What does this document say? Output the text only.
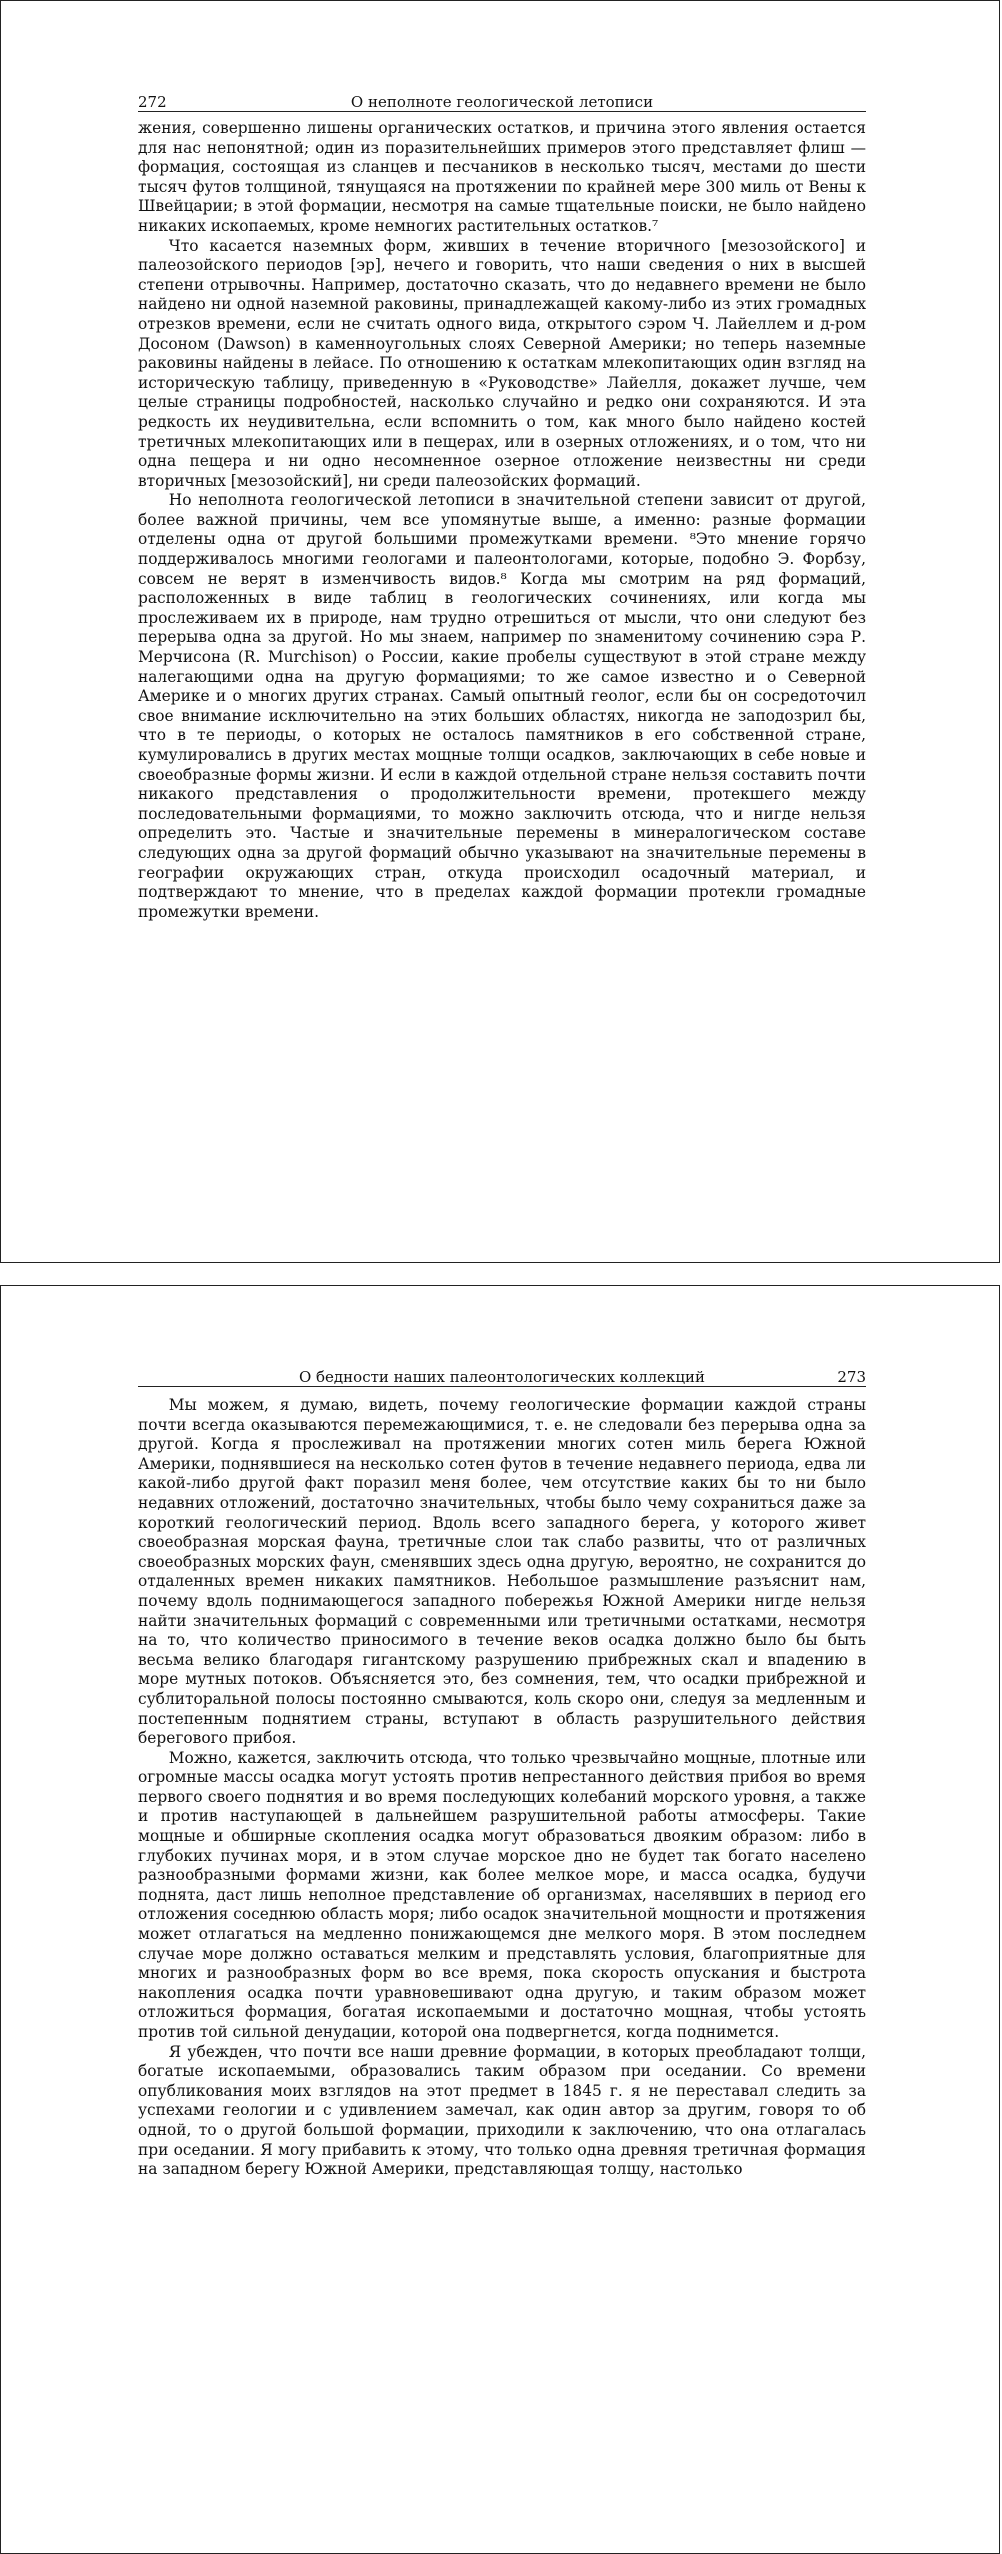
272	О неполноте геологической летописи

жения, совершенно лишены органических остатков, и причина этого явления остается для нас непонятной; один из поразительнейших примеров этого представляет флиш — формация, состоящая из сланцев и песчаников в несколько тысяч, местами до шести тысяч футов толщиной, тянущаяся на протяжении по крайней мере 300 миль от Вены к Швейцарии; в этой формации, несмотря на самые тщательные поиски, не было найдено никаких ископаемых, кроме немногих растительных остатков.⁷

Что касается наземных форм, живших в течение вторичного [мезозойского] и палеозойского периодов [эр], нечего и говорить, что наши сведения о них в высшей степени отрывочны. Например, достаточно сказать, что до недавнего времени не было найдено ни одной наземной раковины, принадлежащей какому-либо из этих громадных отрезков времени, если не считать одного вида, открытого сэром Ч. Лайеллем и д-ром Досоном (Dawson) в каменноугольных слоях Северной Америки; но теперь наземные раковины найдены в лейасе. По отношению к остаткам млекопитающих один взгляд на историческую таблицу, приведенную в «Руководстве» Лайелля, докажет лучше, чем целые страницы подробностей, насколько случайно и редко они сохраняются. И эта редкость их неудивительна, если вспомнить о том, как много было найдено костей третичных млекопитающих или в пещерах, или в озерных отложениях, и о том, что ни одна пещера и ни одно несомненное озерное отложение неизвестны ни среди вторичных [мезозойский], ни среди палеозойских формаций.

Но неполнота геологической летописи в значительной степени зависит от другой, более важной причины, чем все упомянутые выше, а именно: разные формации отделены одна от другой большими промежутками времени. ⁸Это мнение горячо поддерживалось многими геологами и палеонтологами, которые, подобно Э. Форбзу, совсем не верят в изменчивость видов.⁸ Когда мы смотрим на ряд формаций, расположенных в виде таблиц в геологических сочинениях, или когда мы прослеживаем их в природе, нам трудно отрешиться от мысли, что они следуют без перерыва одна за другой. Но мы знаем, например по знаменитому сочинению сэра Р. Мерчисона (R. Murchison) о России, какие пробелы существуют в этой стране между налегающими одна на другую формациями; то же самое известно и о Северной Америке и о многих других странах. Самый опытный геолог, если бы он сосредоточил свое внимание исключительно на этих больших областях, никогда не заподозрил бы, что в те периоды, о которых не осталось памятников в его собственной стране, кумулировались в других местах мощные толщи осадков, заключающих в себе новые и своеобразные формы жизни. И если в каждой отдельной стране нельзя составить почти никакого представления о продолжительности времени, протекшего между последовательными формациями, то можно заключить отсюда, что и нигде нельзя определить это. Частые и значительные перемены в минералогическом составе следующих одна за другой формаций обычно указывают на значительные перемены в географии окружающих стран, откуда происходил осадочный материал, и подтверждают то мнение, что в пределах каждой формации протекли громадные промежутки времени.

О бедности наших палеонтологических коллекций	273

Мы можем, я думаю, видеть, почему геологические формации каждой страны почти всегда оказываются перемежающимися, т. е. не следовали без перерыва одна за другой. Когда я прослеживал на протяжении многих сотен миль берега Южной Америки, поднявшиеся на несколько сотен футов в течение недавнего периода, едва ли какой-либо другой факт поразил меня более, чем отсутствие каких бы то ни было недавних отложений, достаточно значительных, чтобы было чему сохраниться даже за короткий геологический период. Вдоль всего западного берега, у которого живет своеобразная морская фауна, третичные слои так слабо развиты, что от различных своеобразных морских фаун, сменявших здесь одна другую, вероятно, не сохранится до отдаленных времен никаких памятников. Небольшое размышление разъяснит нам, почему вдоль поднимающегося западного побережья Южной Америки нигде нельзя найти значительных формаций с современными или третичными остатками, несмотря на то, что количество приносимого в течение веков осадка должно было бы быть весьма велико благодаря гигантскому разрушению прибрежных скал и впадению в море мутных потоков. Объясняется это, без сомнения, тем, что осадки прибрежной и сублиторальной полосы постоянно смываются, коль скоро они, следуя за медленным и постепенным поднятием страны, вступают в область разрушительного действия берегового прибоя.

Можно, кажется, заключить отсюда, что только чрезвычайно мощные, плотные или огромные массы осадка могут устоять против непрестанного действия прибоя во время первого своего поднятия и во время последующих колебаний морского уровня, а также и против наступающей в дальнейшем разрушительной работы атмосферы. Такие мощные и обширные скопления осадка могут образоваться двояким образом: либо в глубоких пучинах моря, и в этом случае морское дно не будет так богато населено разнообразными формами жизни, как более мелкое море, и масса осадка, будучи поднята, даст лишь неполное представление об организмах, населявших в период его отложения соседнюю область моря; либо осадок значительной мощности и протяжения может отлагаться на медленно понижающемся дне мелкого моря. В этом последнем случае море должно оставаться мелким и представлять условия, благоприятные для многих и разнообразных форм во все время, пока скорость опускания и быстрота накопления осадка почти уравновешивают одна другую, и таким образом может отложиться формация, богатая ископаемыми и достаточно мощная, чтобы устоять против той сильной денудации, которой она подвергнется, когда поднимется.

Я убежден, что почти все наши древние формации, в которых преобладают толщи, богатые ископаемыми, образовались таким образом при оседании. Со времени опубликования моих взглядов на этот предмет в 1845 г. я не переставал следить за успехами геологии и с удивлением замечал, как один автор за другим, говоря то об одной, то о другой большой формации, приходили к заключению, что она отлагалась при оседании. Я могу прибавить к этому, что только одна древняя третичная формация на западном берегу Южной Америки, представляющая толщу, настолько
